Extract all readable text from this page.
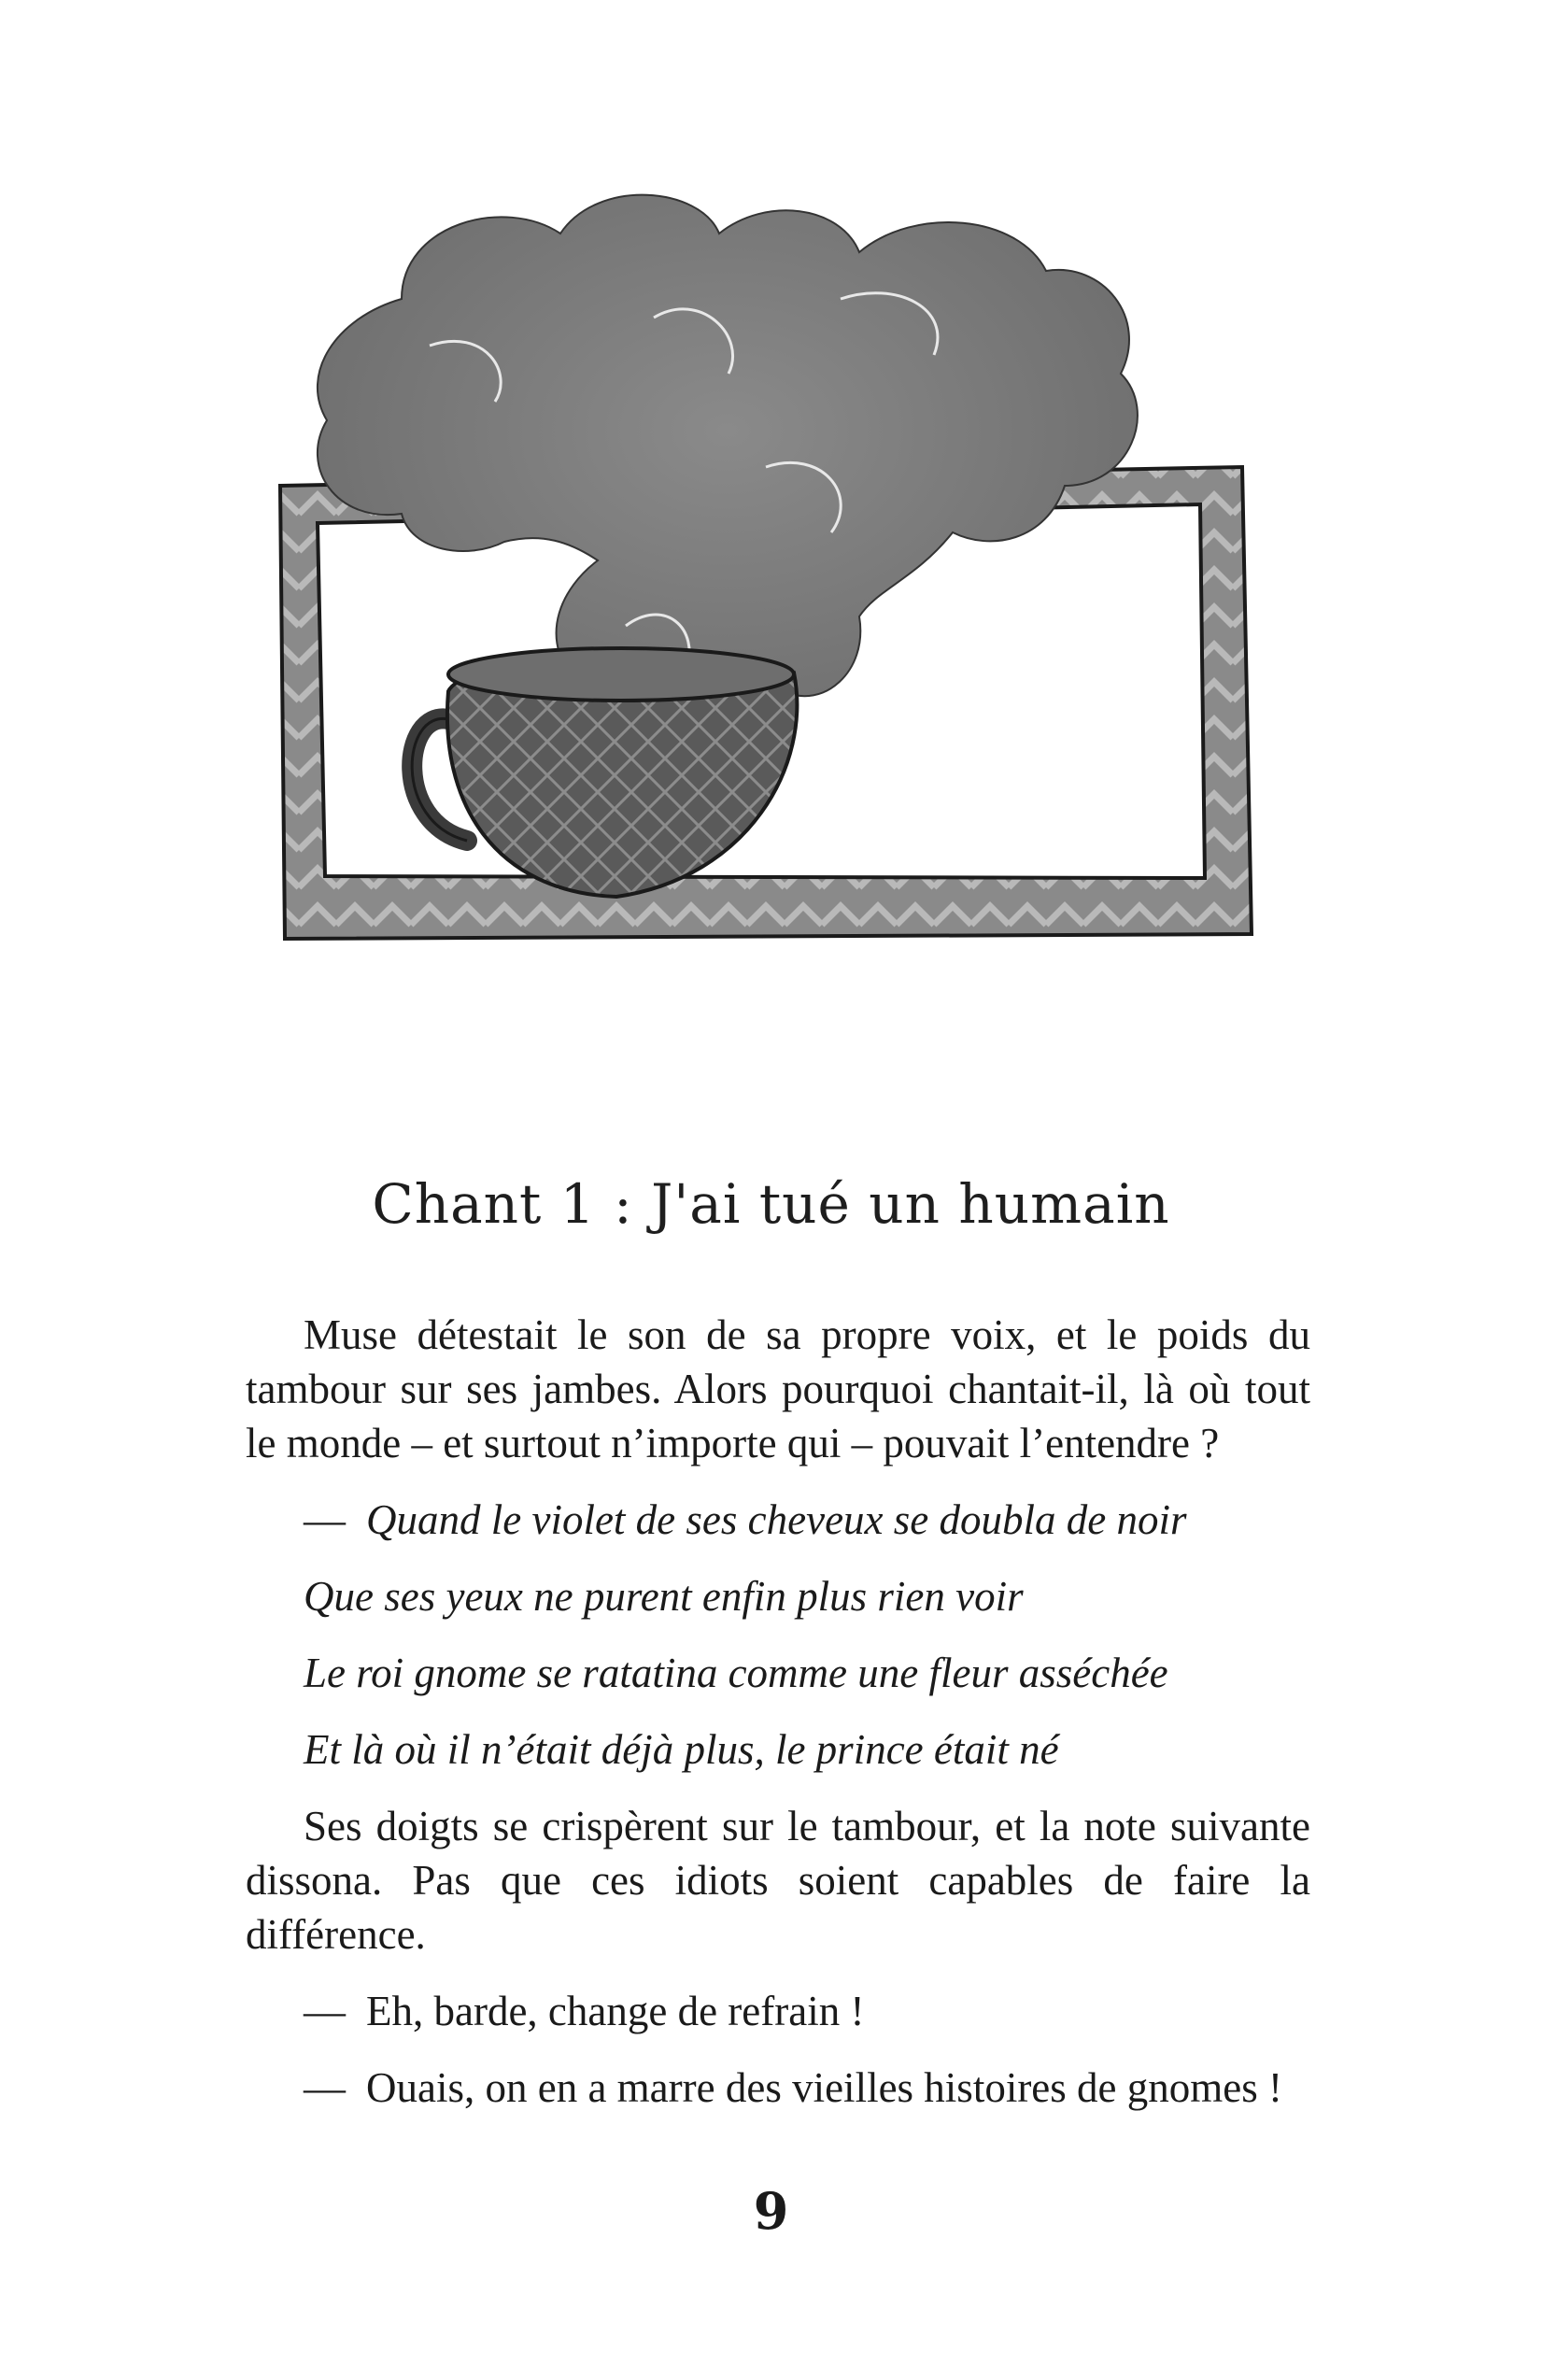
Chant 1 : J'ai tué un humain

Muse détestait le son de sa propre voix, et le poids du tambour sur ses jambes. Alors pourquoi chantait-il, là où tout le monde – et surtout n’importe qui – pouvait l’entendre ?

— Quand le violet de ses cheveux se doubla de noir

Que ses yeux ne purent enfin plus rien voir

Le roi gnome se ratatina comme une fleur asséchée

Et là où il n’était déjà plus, le prince était né

Ses doigts se crispèrent sur le tambour, et la note suivante dissona. Pas que ces idiots soient capables de faire la différence.

— Eh, barde, change de refrain !

— Ouais, on en a marre des vieilles histoires de gnomes !

9
